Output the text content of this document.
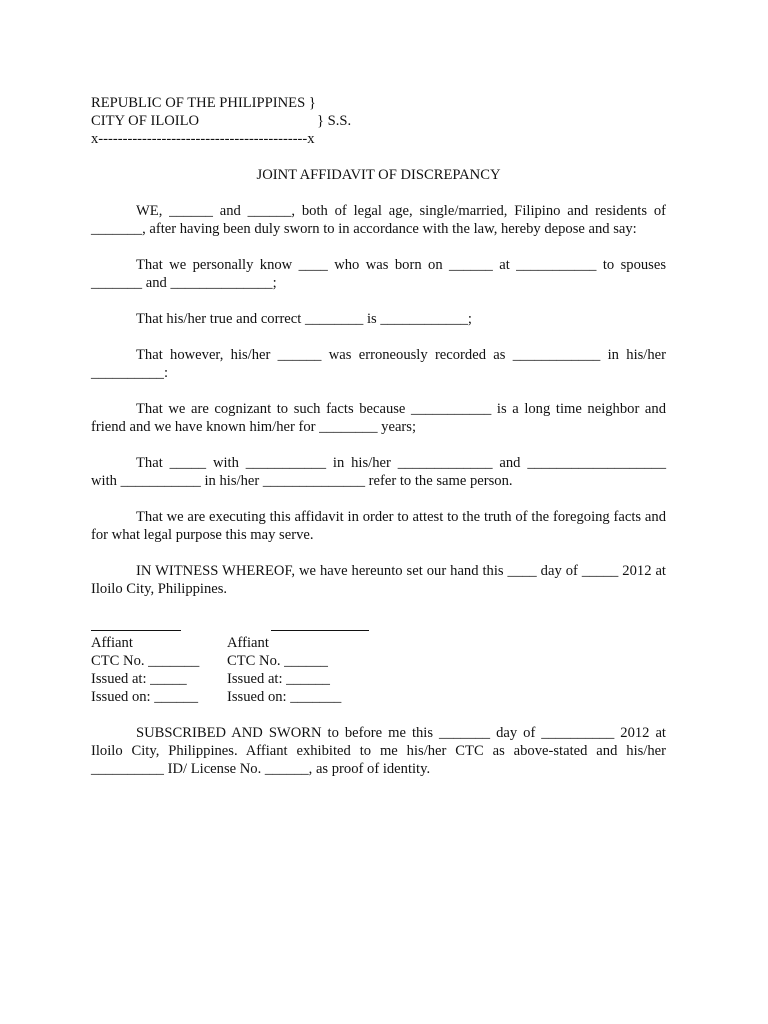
REPUBLIC OF THE PHILIPPINES }
CITY OF ILOILO	} S.S.
x-------------------------------------------x
JOINT AFFIDAVIT OF DISCREPANCY

WE, ______ and ______, both of legal age, single/married, Filipino and residents of _______, after having been duly sworn to in accordance with the law, hereby depose and say:

That we personally know ____ who was born on ______ at ___________ to spouses _______ and ______________;

That his/her true and correct ________ is ____________;

That however, his/her ______ was erroneously recorded as ____________ in his/her __________:

That we are cognizant to such facts because ___________ is a long time neighbor and friend and we have known him/her for ________ years;

That _____ with ___________ in his/her _____________ and ___________________ with ___________ in his/her ______________ refer to the same person.

That we are executing this affidavit in order to attest to the truth of the foregoing facts and for what legal purpose this may serve.

IN WITNESS WHEREOF, we have hereunto set our hand this ____ day of _____ 2012 at Iloilo City, Philippines.

Affiant	Affiant
CTC No. _______	CTC No. ______
Issued at: _____	Issued at: ______
Issued on: ______	Issued on: _______

SUBSCRIBED AND SWORN to before me this _______ day of __________ 2012 at Iloilo City, Philippines. Affiant exhibited to me his/her CTC as above-stated and his/her __________ ID/ License No. ______, as proof of identity.
